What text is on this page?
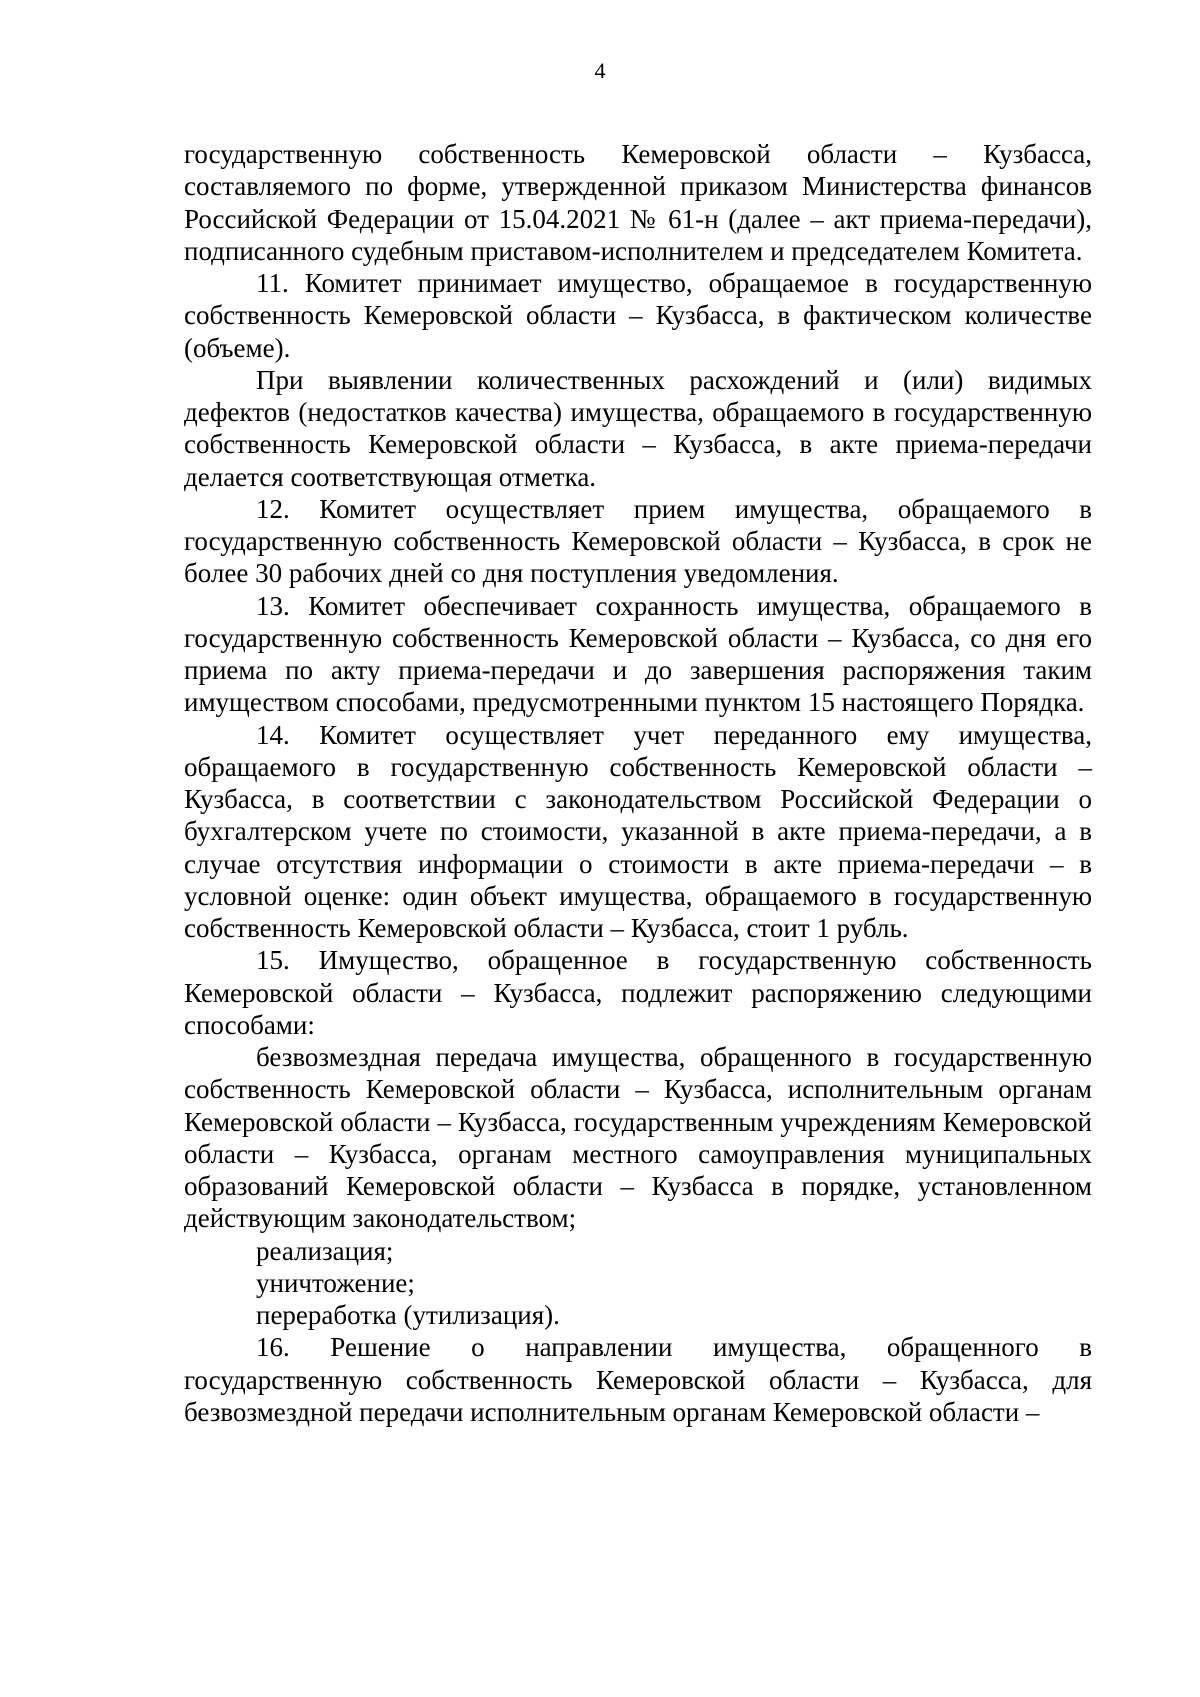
4

государственную собственность Кемеровской области – Кузбасса, составляемого по форме, утвержденной приказом Министерства финансов Российской Федерации от 15.04.2021 № 61-н (далее – акт приема-передачи), подписанного судебным приставом-исполнителем и председателем Комитета.

11. Комитет принимает имущество, обращаемое в государственную собственность Кемеровской области – Кузбасса, в фактическом количестве (объеме).

При выявлении количественных расхождений и (или) видимых дефектов (недостатков качества) имущества, обращаемого в государственную собственность Кемеровской области – Кузбасса, в акте приема-передачи делается соответствующая отметка.

12. Комитет осуществляет прием имущества, обращаемого в государственную собственность Кемеровской области – Кузбасса, в срок не более 30 рабочих дней со дня поступления уведомления.

13. Комитет обеспечивает сохранность имущества, обращаемого в государственную собственность Кемеровской области – Кузбасса, со дня его приема по акту приема-передачи и до завершения распоряжения таким имуществом способами, предусмотренными пунктом 15 настоящего Порядка.

14. Комитет осуществляет учет переданного ему имущества, обращаемого в государственную собственность Кемеровской области – Кузбасса, в соответствии с законодательством Российской Федерации о бухгалтерском учете по стоимости, указанной в акте приема-передачи, а в случае отсутствия информации о стоимости в акте приема-передачи – в условной оценке: один объект имущества, обращаемого в государственную собственность Кемеровской области – Кузбасса, стоит 1 рубль.

15. Имущество, обращенное в государственную собственность Кемеровской области – Кузбасса, подлежит распоряжению следующими способами:

безвозмездная передача имущества, обращенного в государственную собственность Кемеровской области – Кузбасса, исполнительным органам Кемеровской области – Кузбасса, государственным учреждениям Кемеровской области – Кузбасса, органам местного самоуправления муниципальных образований Кемеровской области – Кузбасса в порядке, установленном действующим законодательством;

реализация;

уничтожение;

переработка (утилизация).

16. Решение о направлении имущества, обращенного в государственную собственность Кемеровской области – Кузбасса, для безвозмездной передачи исполнительным органам Кемеровской области –
